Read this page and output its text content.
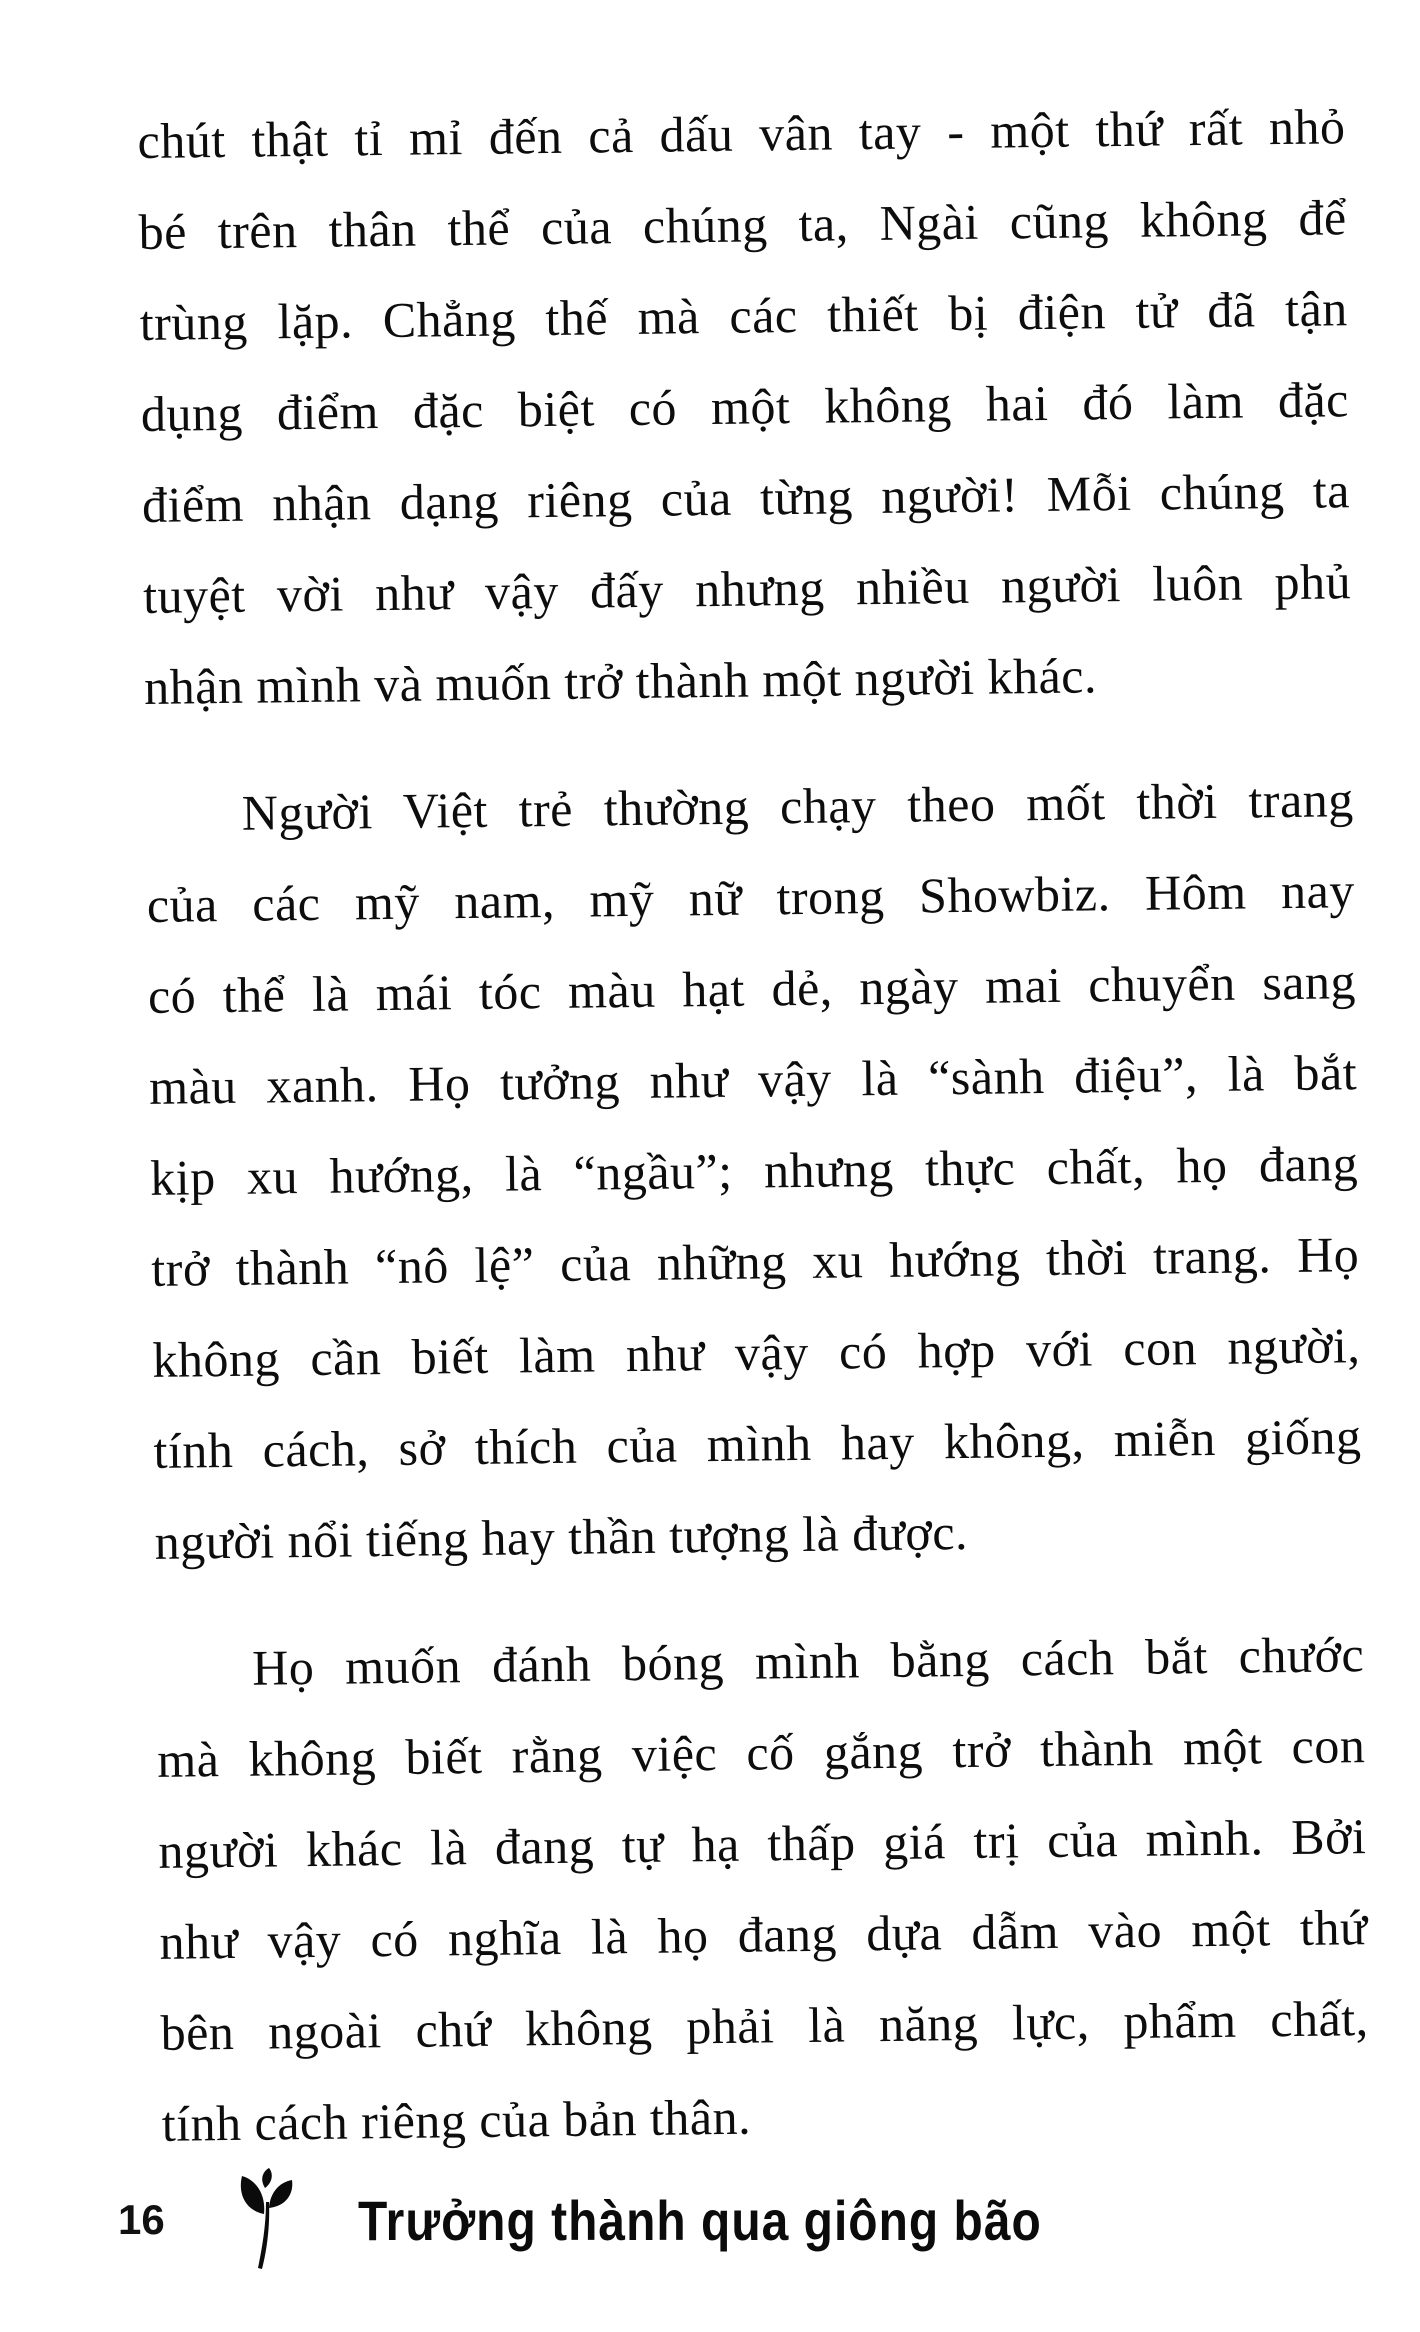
chút thật tỉ mỉ đến cả dấu vân tay - một thứ rất nhỏ
bé trên thân thể của chúng ta, Ngài cũng không để
trùng lặp. Chẳng thế mà các thiết bị điện tử đã tận
dụng điểm đặc biệt có một không hai đó làm đặc
điểm nhận dạng riêng của từng người! Mỗi chúng ta
tuyệt vời như vậy đấy nhưng nhiều người luôn phủ
nhận mình và muốn trở thành một người khác.
Người Việt trẻ thường chạy theo mốt thời trang
của các mỹ nam, mỹ nữ trong Showbiz. Hôm nay
có thể là mái tóc màu hạt dẻ, ngày mai chuyển sang
màu xanh. Họ tưởng như vậy là “sành điệu”, là bắt
kịp xu hướng, là “ngầu”; nhưng thực chất, họ đang
trở thành “nô lệ” của những xu hướng thời trang. Họ
không cần biết làm như vậy có hợp với con người,
tính cách, sở thích của mình hay không, miễn giống
người nổi tiếng hay thần tượng là được.
Họ muốn đánh bóng mình bằng cách bắt chước
mà không biết rằng việc cố gắng trở thành một con
người khác là đang tự hạ thấp giá trị của mình. Bởi
như vậy có nghĩa là họ đang dựa dẫm vào một thứ
bên ngoài chứ không phải là năng lực, phẩm chất,
tính cách riêng của bản thân.
16	Trưởng thành qua giông bão
